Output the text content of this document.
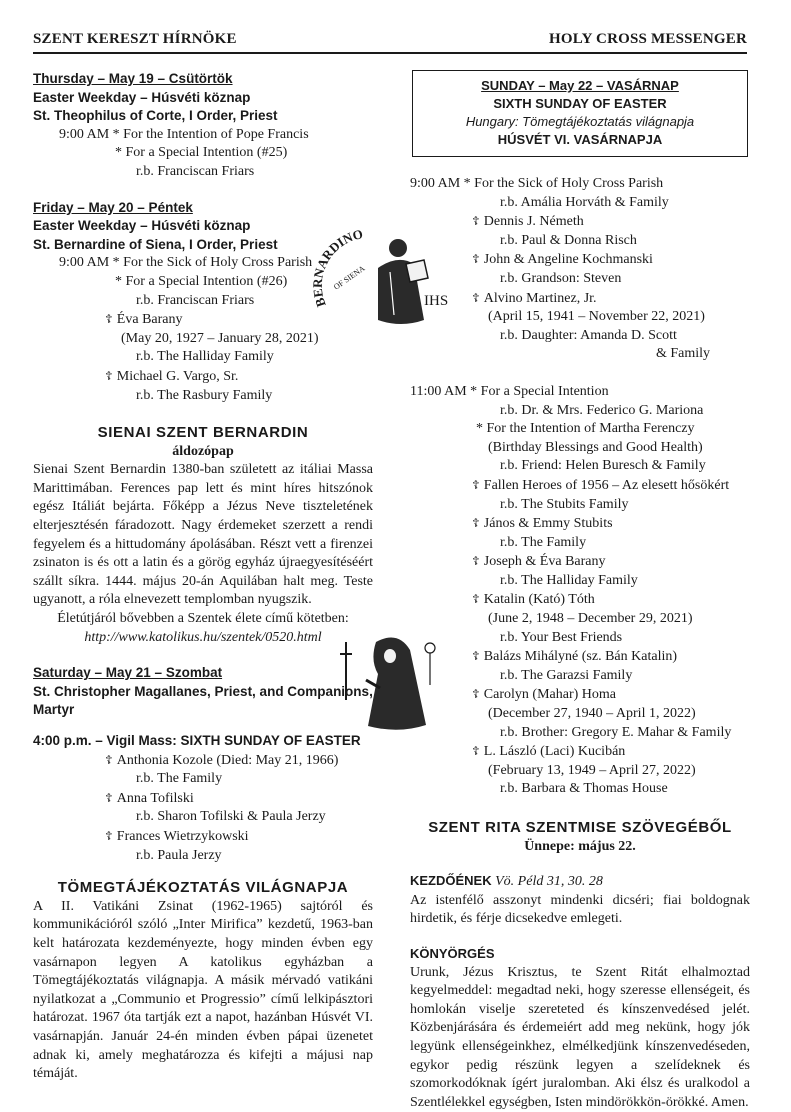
SZENT KERESZT HÍRNÖKE	HOLY CROSS MESSENGER
Thursday – May 19 – Csütörtök
Easter Weekday – Húsvéti köznap
St. Theophilus of Corte, I Order, Priest
9:00 AM * For the Intention of Pope Francis
* For a Special Intention (#25)
r.b. Franciscan Friars
Friday – May 20 – Péntek
Easter Weekday – Húsvéti köznap
St. Bernardine of Siena, I Order, Priest
9:00 AM * For the Sick of Holy Cross Parish
* For a Special Intention (#26)
r.b. Franciscan Friars
☦ Éva Barany
(May 20, 1927 – January 28, 2021)
r.b. The Halliday Family
☦ Michael G. Vargo, Sr.
r.b. The Rasbury Family
SIENAI SZENT BERNARDIN
áldozópap
Sienai Szent Bernardin 1380-ban született az itáliai Massa Marittimában. Ferences pap lett és mint híres hitszónok egész Itáliát bejárta. Főképp a Jézus Neve tiszteletének elterjesztésén fáradozott. Nagy érdemeket szerzett a rendi fegyelem és a hittudomány ápolásában. Részt vett a firenzei zsinaton is és ott a latin és a görög egyház újraegyesítéséért szállt síkra. 1444. május 20-án Aquilában halt meg. Teste ugyanott, a róla elnevezett templomban nyugszik.
Életútjáról bővebben a Szentek élete című kötetben:
http://www.katolikus.hu/szentek/0520.html
Saturday – May 21 – Szombat
St. Christopher Magallanes, Priest, and Companions, Martyr
4:00 p.m. – Vigil Mass: SIXTH SUNDAY OF EASTER
☦ Anthonia Kozole (Died: May 21, 1966)
r.b. The Family
☦ Anna Tofilski
r.b. Sharon Tofilski & Paula Jerzy
☦ Frances Wietrzykowski
r.b. Paula Jerzy
TÖMEGTÁJÉKOZTATÁS VILÁGNAPJA
A II. Vatikáni Zsinat (1962-1965) sajtóról és kommunikációról szóló „Inter Mirifica” kezdetű, 1963-ban kelt határozata kezdeményezte, hogy minden évben egy vasárnapon legyen A katolikus egyházban a Tömegtájékoztatás világnapja. A másik mérvadó vatikáni nyilatkozat a „Communio et Progressio” című lelkipásztori határozat. 1967 óta tartják ezt a napot, hazánban Húsvét VI. vasárnapján. Január 24-én minden évben pápai üzenetet adnak ki, amely meghatározza és kifejti a májusi nap témáját.
BERNARDINO
OF SIENA
IHS
SUNDAY – May 22 – VASÁRNAP
SIXTH SUNDAY OF EASTER
Hungary: Tömegtájékoztatás világnapja
HÚSVÉT VI. VASÁRNAPJA
9:00 AM * For the Sick of Holy Cross Parish
r.b. Amália Horváth & Family
☦ Dennis J. Németh
r.b. Paul & Donna Risch
☦ John & Angeline Kochmanski
r.b. Grandson: Steven
☦ Alvino Martinez, Jr.
(April 15, 1941 – November 22, 2021)
r.b. Daughter: Amanda D. Scott
& Family
11:00 AM * For a Special Intention
r.b. Dr. & Mrs. Federico G. Mariona
* For the Intention of Martha Ferenczy
(Birthday Blessings and Good Health)
r.b. Friend: Helen Buresch & Family
☦ Fallen Heroes of 1956 – Az elesett hősökért
r.b. The Stubits Family
☦ János & Emmy Stubits
r.b. The Family
☦ Joseph & Éva Barany
r.b. The Halliday Family
☦ Katalin (Kató) Tóth
(June 2, 1948 – December 29, 2021)
r.b. Your Best Friends
☦ Balázs Mihályné (sz. Bán Katalin)
r.b. The Garazsi Family
☦ Carolyn (Mahar) Homa
(December 27, 1940 – April 1, 2022)
r.b. Brother: Gregory E. Mahar & Family
☦ L. László (Laci) Kucibán
(February 13, 1949 – April 27, 2022)
r.b. Barbara & Thomas House
SZENT RITA SZENTMISE SZÖVEGÉBŐL
Ünnepe: május 22.
KEZDŐÉNEK Vö. Péld 31, 30. 28
Az istenfélő asszonyt mindenki dicséri; fiai boldognak hirdetik, és férje dicsekedve emlegeti.
KÖNYÖRGÉS
Urunk, Jézus Krisztus, te Szent Ritát elhalmoztad kegyelmeddel: megadtad neki, hogy szeresse ellenségeit, és homlokán viselje szereteted és kínszenvedésed jelét. Közbenjárására és érdemeiért add meg nekünk, hogy jók legyünk ellenségeinkhez, elmélkedjünk kínszenvedéseden, egykor pedig részünk legyen a szelídeknek és szomorkodóknak ígért juralomban. Aki élsz és uralkodol a Szentlélekkel egységben, Isten mindörökkön-örökké. Amen.
